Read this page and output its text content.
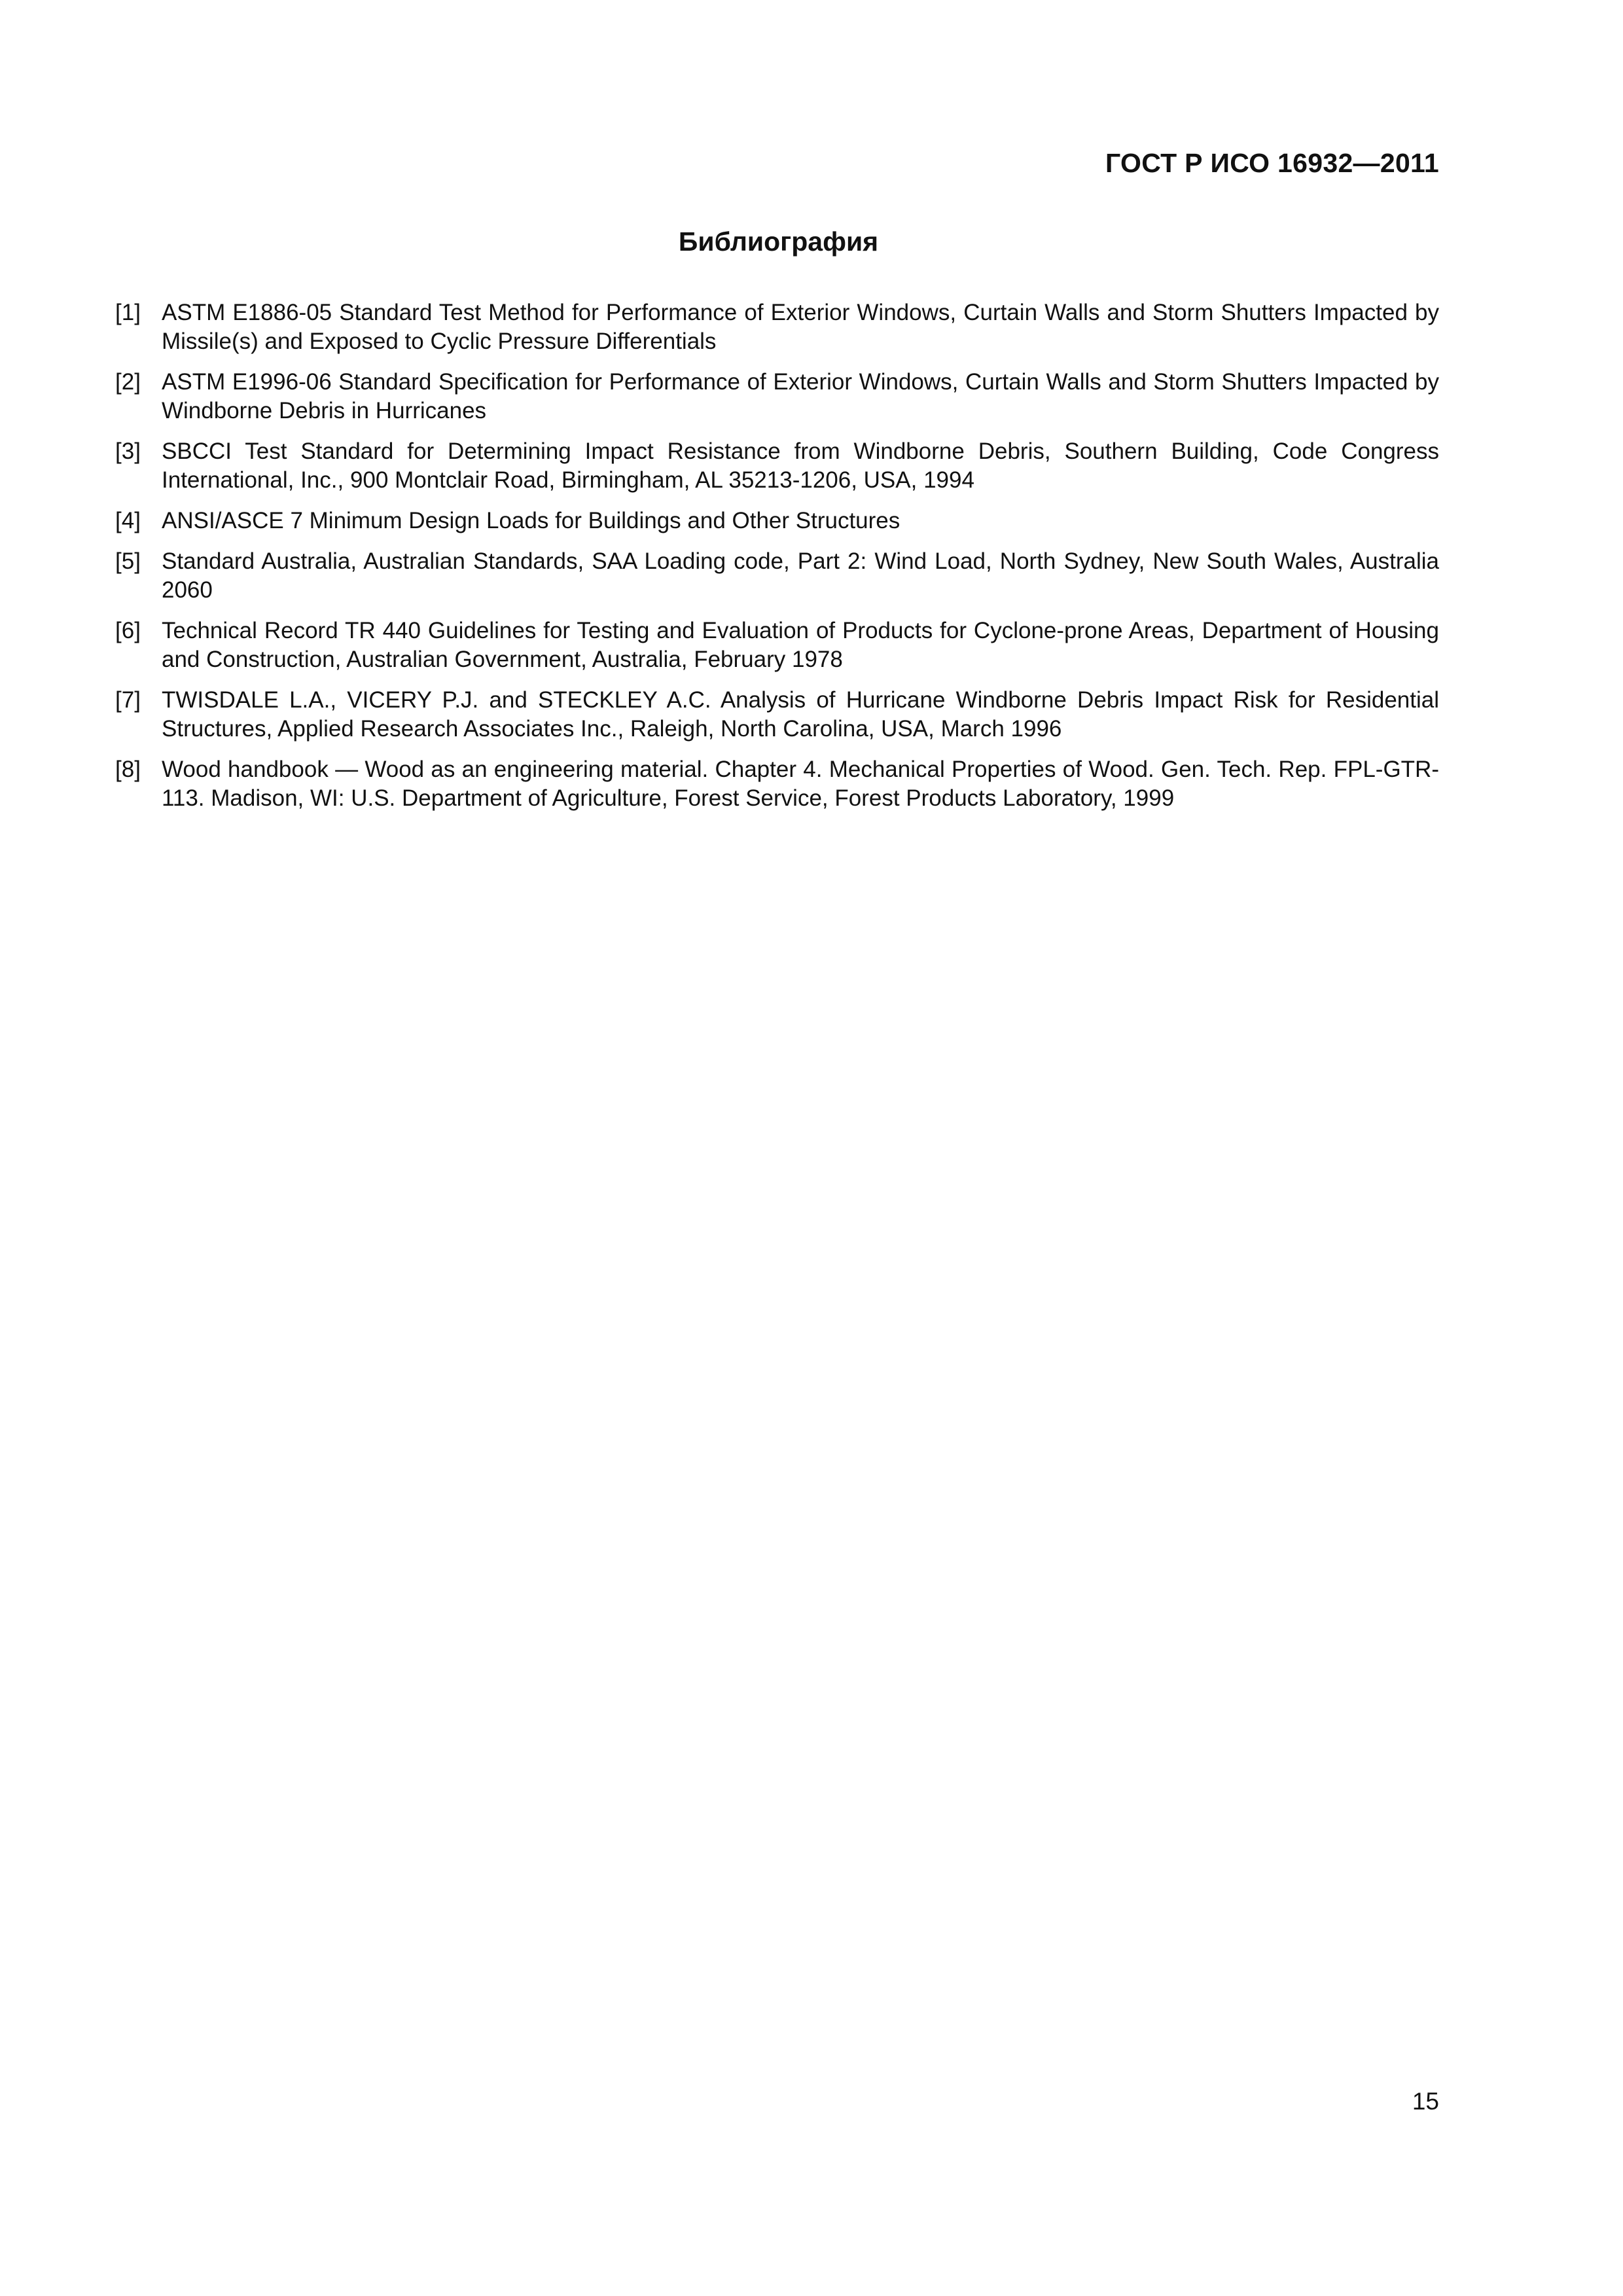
ГОСТ Р ИСО 16932—2011
Библиография
[1] ASTM E1886-05 Standard Test Method for Performance of Exterior Windows, Curtain Walls and Storm Shutters Impacted by Missile(s) and Exposed to Cyclic Pressure Differentials
[2] ASTM E1996-06 Standard Specification for Performance of Exterior Windows, Curtain Walls and Storm Shutters Impacted by Windborne Debris in Hurricanes
[3] SBCCI Test Standard for Determining Impact Resistance from Windborne Debris, Southern Building, Code Congress International, Inc., 900 Montclair Road, Birmingham, AL 35213-1206, USA, 1994
[4] ANSI/ASCE 7 Minimum Design Loads for Buildings and Other Structures
[5] Standard Australia, Australian Standards, SAA Loading code, Part 2: Wind Load, North Sydney, New South Wales, Australia 2060
[6] Technical Record TR 440 Guidelines for Testing and Evaluation of Products for Cyclone-prone Areas, Department of Housing and Construction, Australian Government, Australia, February 1978
[7] TWISDALE L.A., VICERY P.J. and STECKLEY A.C. Analysis of Hurricane Windborne Debris Impact Risk for Residential Structures, Applied Research Associates Inc., Raleigh, North Carolina, USA, March 1996
[8] Wood handbook — Wood as an engineering material. Chapter 4. Mechanical Properties of Wood. Gen. Tech. Rep. FPL-GTR-113. Madison, WI: U.S. Department of Agriculture, Forest Service, Forest Products Laboratory, 1999
15
